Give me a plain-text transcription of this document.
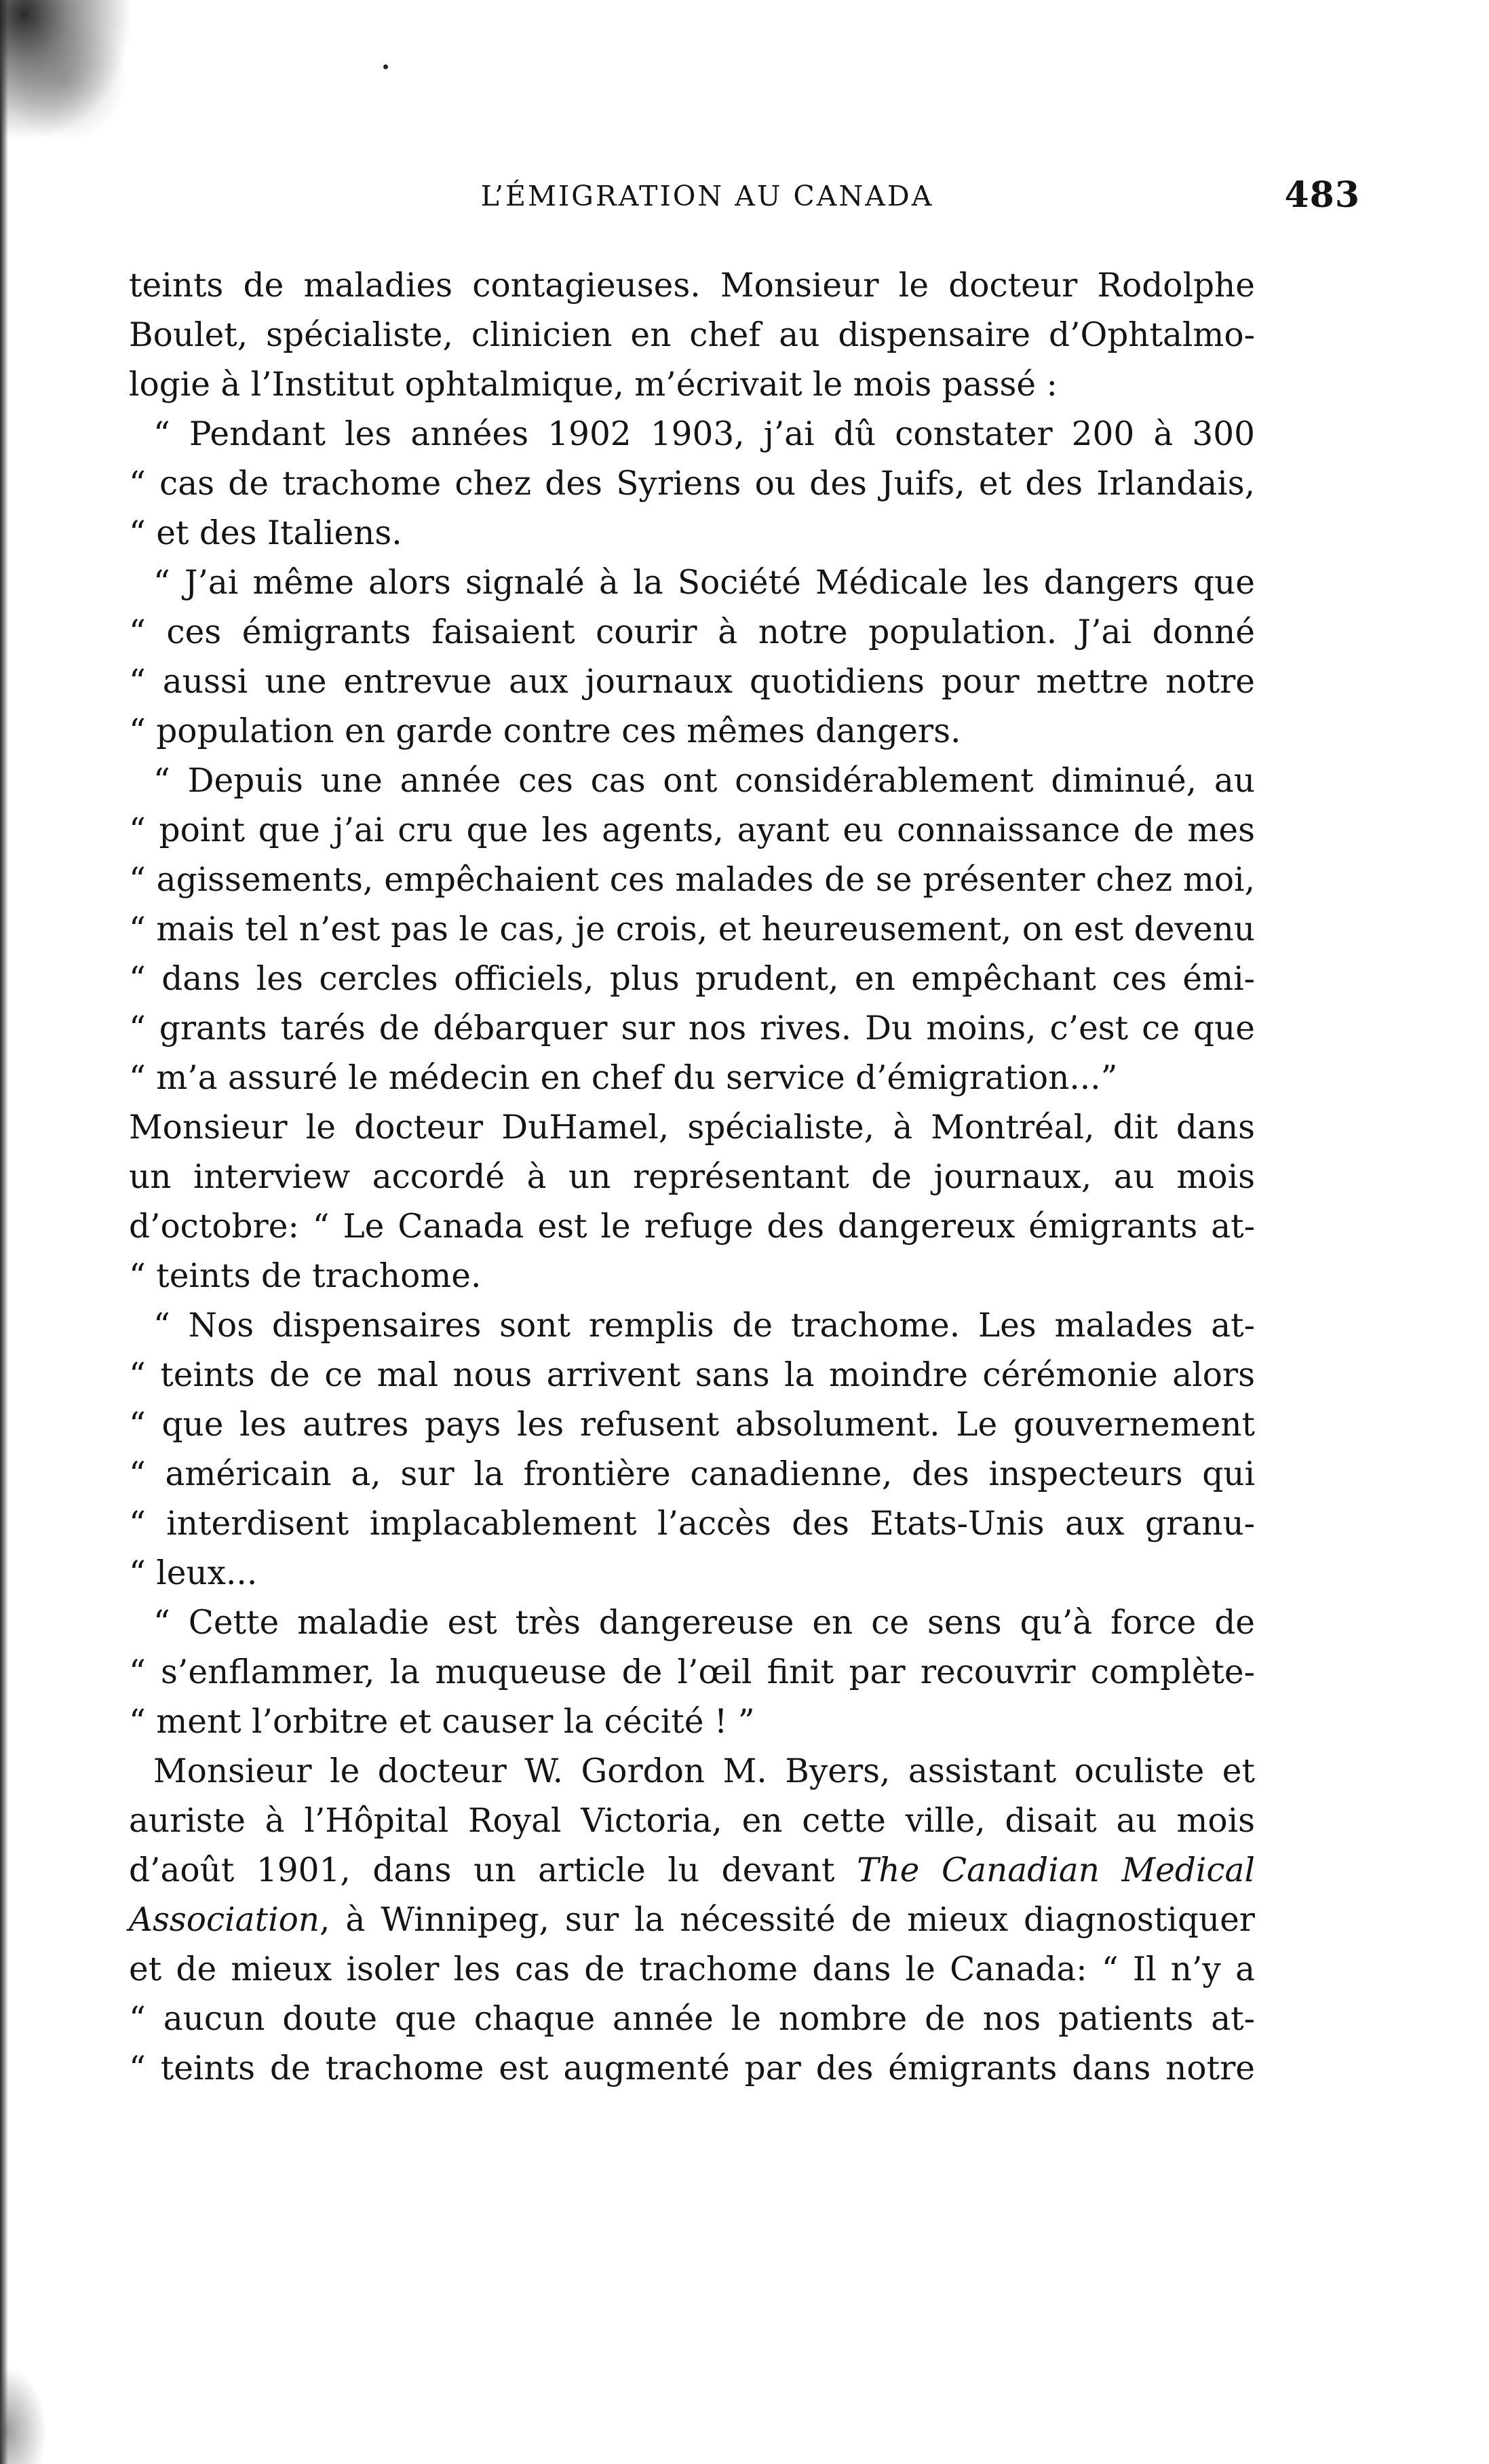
L’ÉMIGRATION AU CANADA	483
teints de maladies contagieuses. Monsieur le docteur Rodolphe
Boulet, spécialiste, clinicien en chef au dispensaire d’Ophtalmo-
logie à l’Institut ophtalmique, m’écrivait le mois passé :
“ Pendant les années 1902 1903, j’ai dû constater 200 à 300
“ cas de trachome chez des Syriens ou des Juifs, et des Irlandais,
“ et des Italiens.
“ J’ai même alors signalé à la Société Médicale les dangers que
“ ces émigrants faisaient courir à notre population. J’ai donné
“ aussi une entrevue aux journaux quotidiens pour mettre notre
“ population en garde contre ces mêmes dangers.
“ Depuis une année ces cas ont considérablement diminué, au
“ point que j’ai cru que les agents, ayant eu connaissance de mes
“ agissements, empêchaient ces malades de se présenter chez moi,
“ mais tel n’est pas le cas, je crois, et heureusement, on est devenu
“ dans les cercles officiels, plus prudent, en empêchant ces émi-
“ grants tarés de débarquer sur nos rives. Du moins, c’est ce que
“ m’a assuré le médecin en chef du service d’émigration...”
Monsieur le docteur DuHamel, spécialiste, à Montréal, dit dans
un interview accordé à un représentant de journaux, au mois
d’octobre: “ Le Canada est le refuge des dangereux émigrants at-
“ teints de trachome.
“ Nos dispensaires sont remplis de trachome. Les malades at-
“ teints de ce mal nous arrivent sans la moindre cérémonie alors
“ que les autres pays les refusent absolument. Le gouvernement
“ américain a, sur la frontière canadienne, des inspecteurs qui
“ interdisent implacablement l’accès des Etats-Unis aux granu-
“ leux...
“ Cette maladie est très dangereuse en ce sens qu’à force de
“ s’enflammer, la muqueuse de l’œil finit par recouvrir complète-
“ ment l’orbitre et causer la cécité ! ”
Monsieur le docteur W. Gordon M. Byers, assistant oculiste et
auriste à l’Hôpital Royal Victoria, en cette ville, disait au mois
d’août 1901, dans un article lu devant The Canadian Medical
Association, à Winnipeg, sur la nécessité de mieux diagnostiquer
et de mieux isoler les cas de trachome dans le Canada: “ Il n’y a
“ aucun doute que chaque année le nombre de nos patients at-
“ teints de trachome est augmenté par des émigrants dans notre
